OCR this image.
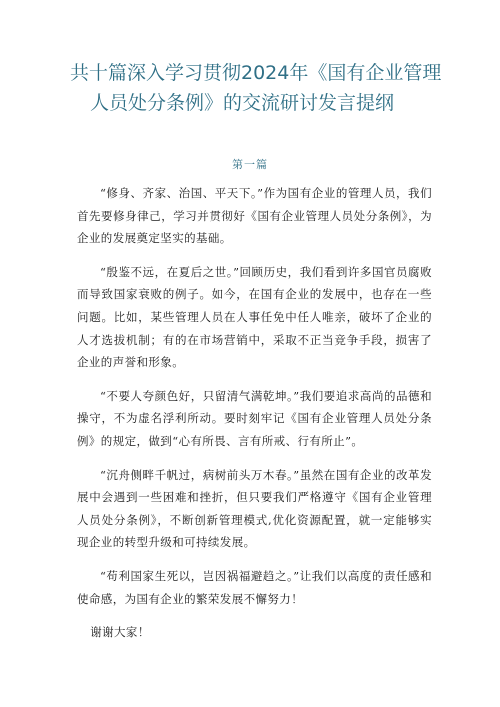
共十篇深入学习贯彻2024年《国有企业管理
人员处分条例》的交流研讨发言提纲
第一篇

“修身、齐家、治国、平天下。”作为国有企业的管理人员，我们首先要修身律己，学习并贯彻好《国有企业管理人员处分条例》，为企业的发展奠定坚实的基础。

“殷鉴不远，在夏后之世。”回顾历史，我们看到许多国官员腐败而导致国家衰败的例子。如今，在国有企业的发展中，也存在一些问题。比如，某些管理人员在人事任免中任人唯亲，破坏了企业的人才选拔机制；有的在市场营销中，采取不正当竞争手段，损害了企业的声誉和形象。

“不要人夸颜色好，只留清气满乾坤。”我们要追求高尚的品德和操守，不为虚名浮利所动。要时刻牢记《国有企业管理人员处分条例》的规定，做到“心有所畏、言有所戒、行有所止”。

“沉舟侧畔千帆过，病树前头万木春。”虽然在国有企业的改革发展中会遇到一些困难和挫折，但只要我们严格遵守《国有企业管理人员处分条例》，不断创新管理模式,优化资源配置，就一定能够实现企业的转型升级和可持续发展。

“苟利国家生死以，岂因祸福避趋之。”让我们以高度的责任感和使命感，为国有企业的繁荣发展不懈努力！

谢谢大家！
